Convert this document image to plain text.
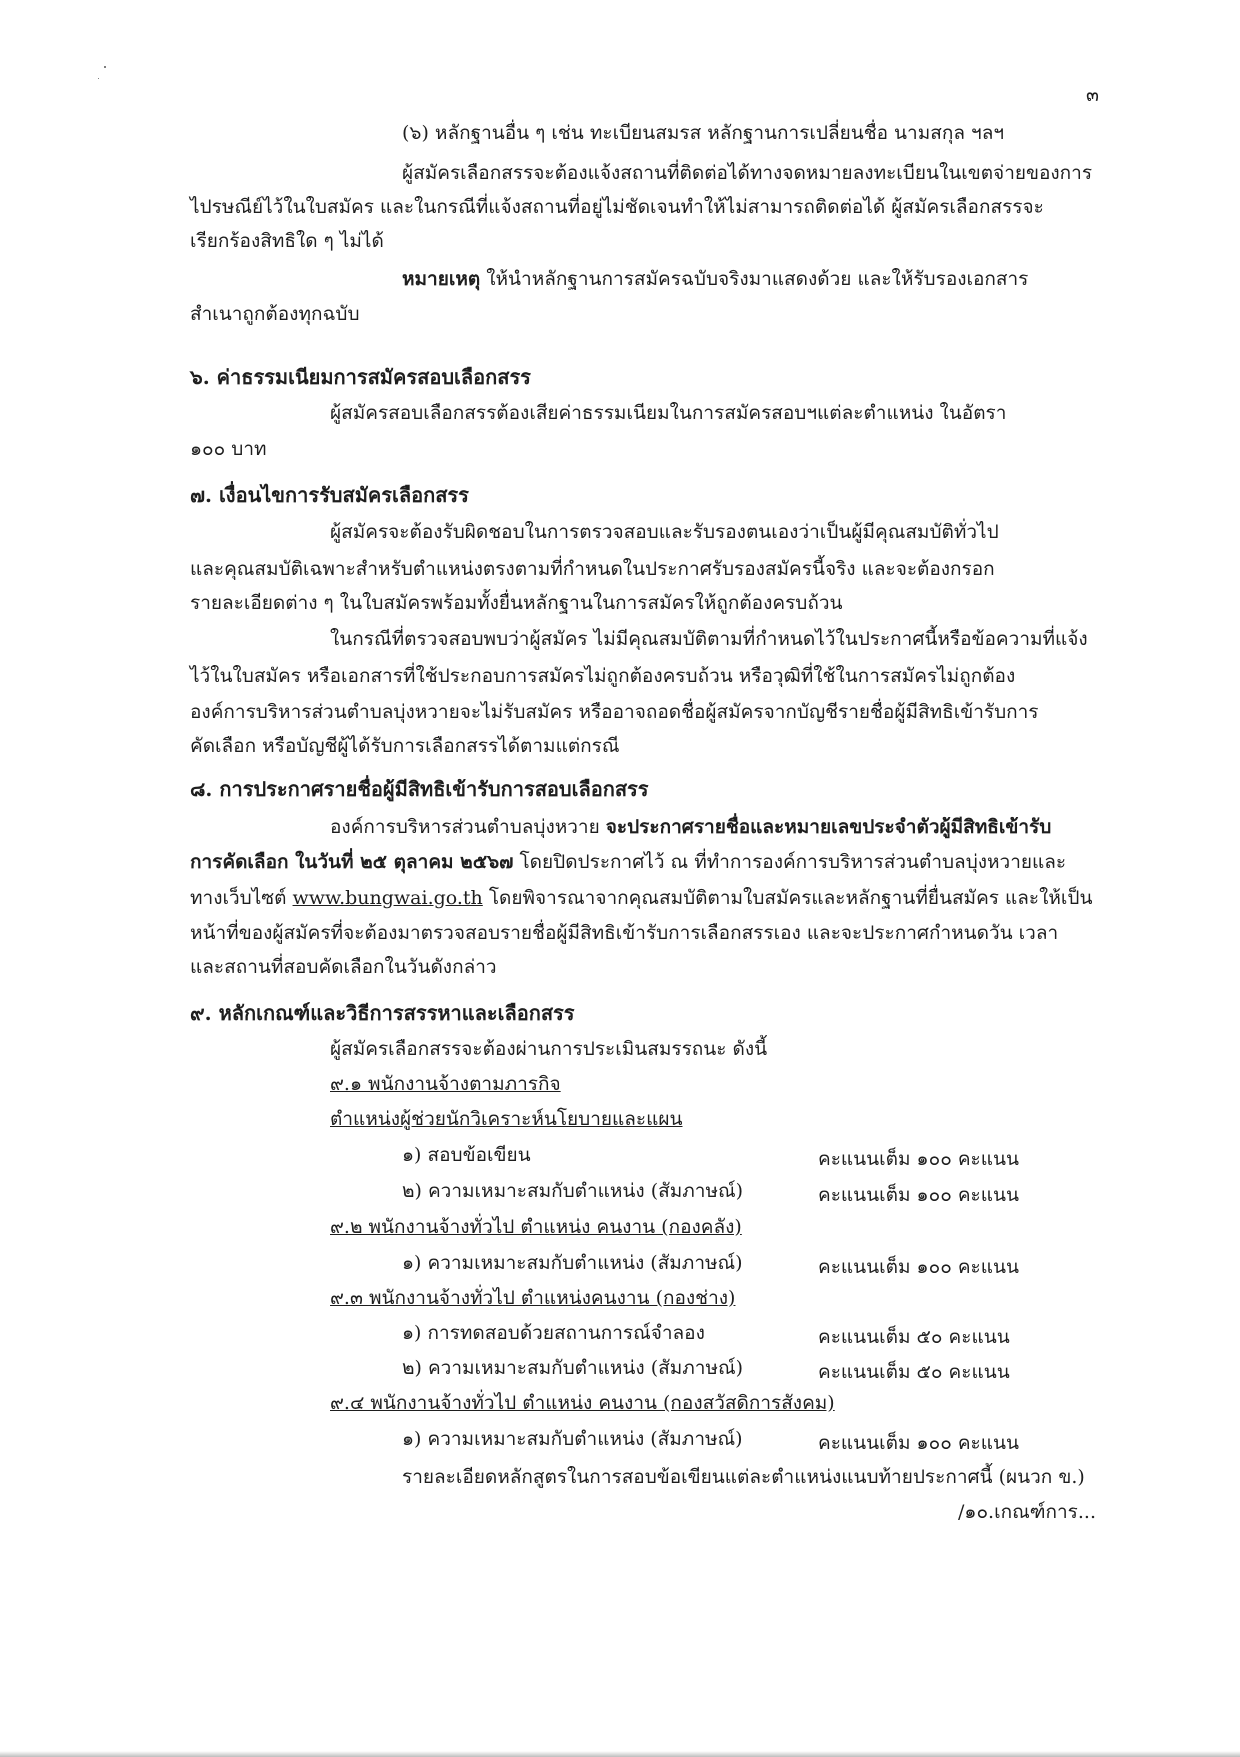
๓
(๖) หลักฐานอื่น ๆ เช่น ทะเบียนสมรส หลักฐานการเปลี่ยนชื่อ นามสกุล ฯลฯ
ผู้สมัครเลือกสรรจะต้องแจ้งสถานที่ติดต่อได้ทางจดหมายลงทะเบียนในเขตจ่ายของการ
ไปรษณีย์ไว้ในใบสมัคร และในกรณีที่แจ้งสถานที่อยู่ไม่ชัดเจนทำให้ไม่สามารถติดต่อได้ ผู้สมัครเลือกสรรจะ
เรียกร้องสิทธิใด ๆ ไม่ได้
หมายเหตุ ให้นำหลักฐานการสมัครฉบับจริงมาแสดงด้วย และให้รับรองเอกสาร
สำเนาถูกต้องทุกฉบับ
๖. ค่าธรรมเนียมการสมัครสอบเลือกสรร
ผู้สมัครสอบเลือกสรรต้องเสียค่าธรรมเนียมในการสมัครสอบฯแต่ละตำแหน่ง ในอัตรา
๑๐๐ บาท
๗. เงื่อนไขการรับสมัครเลือกสรร
ผู้สมัครจะต้องรับผิดชอบในการตรวจสอบและรับรองตนเองว่าเป็นผู้มีคุณสมบัติทั่วไป
และคุณสมบัติเฉพาะสำหรับตำแหน่งตรงตามที่กำหนดในประกาศรับรองสมัครนี้จริง และจะต้องกรอก
รายละเอียดต่าง ๆ ในใบสมัครพร้อมทั้งยื่นหลักฐานในการสมัครให้ถูกต้องครบถ้วน
ในกรณีที่ตรวจสอบพบว่าผู้สมัคร ไม่มีคุณสมบัติตามที่กำหนดไว้ในประกาศนี้หรือข้อความที่แจ้ง
ไว้ในใบสมัคร หรือเอกสารที่ใช้ประกอบการสมัครไม่ถูกต้องครบถ้วน หรือวุฒิที่ใช้ในการสมัครไม่ถูกต้อง
องค์การบริหารส่วนตำบลบุ่งหวายจะไม่รับสมัคร หรืออาจถอดชื่อผู้สมัครจากบัญชีรายชื่อผู้มีสิทธิเข้ารับการ
คัดเลือก หรือบัญชีผู้ได้รับการเลือกสรรได้ตามแต่กรณี
๘. การประกาศรายชื่อผู้มีสิทธิเข้ารับการสอบเลือกสรร
องค์การบริหารส่วนตำบลบุ่งหวาย จะประกาศรายชื่อและหมายเลขประจำตัวผู้มีสิทธิเข้ารับ
การคัดเลือก ในวันที่ ๒๕ ตุลาคม ๒๕๖๗ โดยปิดประกาศไว้ ณ ที่ทำการองค์การบริหารส่วนตำบลบุ่งหวายและ
ทางเว็บไซต์ www.bungwai.go.th โดยพิจารณาจากคุณสมบัติตามใบสมัครและหลักฐานที่ยื่นสมัคร และให้เป็น
หน้าที่ของผู้สมัครที่จะต้องมาตรวจสอบรายชื่อผู้มีสิทธิเข้ารับการเลือกสรรเอง และจะประกาศกำหนดวัน เวลา
และสถานที่สอบคัดเลือกในวันดังกล่าว
๙. หลักเกณฑ์และวิธีการสรรหาและเลือกสรร
ผู้สมัครเลือกสรรจะต้องผ่านการประเมินสมรรถนะ ดังนี้
๙.๑ พนักงานจ้างตามภารกิจ
ตำแหน่งผู้ช่วยนักวิเคราะห์นโยบายและแผน
๑) สอบข้อเขียน	คะแนนเต็ม ๑๐๐ คะแนน
๒) ความเหมาะสมกับตำแหน่ง (สัมภาษณ์)	คะแนนเต็ม ๑๐๐ คะแนน
๙.๒ พนักงานจ้างทั่วไป ตำแหน่ง คนงาน (กองคลัง)
๑) ความเหมาะสมกับตำแหน่ง (สัมภาษณ์)	คะแนนเต็ม ๑๐๐ คะแนน
๙.๓ พนักงานจ้างทั่วไป ตำแหน่งคนงาน (กองช่าง)
๑) การทดสอบด้วยสถานการณ์จำลอง	คะแนนเต็ม ๕๐ คะแนน
๒) ความเหมาะสมกับตำแหน่ง (สัมภาษณ์)	คะแนนเต็ม ๕๐ คะแนน
๙.๔ พนักงานจ้างทั่วไป ตำแหน่ง คนงาน (กองสวัสดิการสังคม)
๑) ความเหมาะสมกับตำแหน่ง (สัมภาษณ์)	คะแนนเต็ม ๑๐๐ คะแนน
รายละเอียดหลักสูตรในการสอบข้อเขียนแต่ละตำแหน่งแนบท้ายประกาศนี้ (ผนวก ข.)
/๑๐.เกณฑ์การ...
